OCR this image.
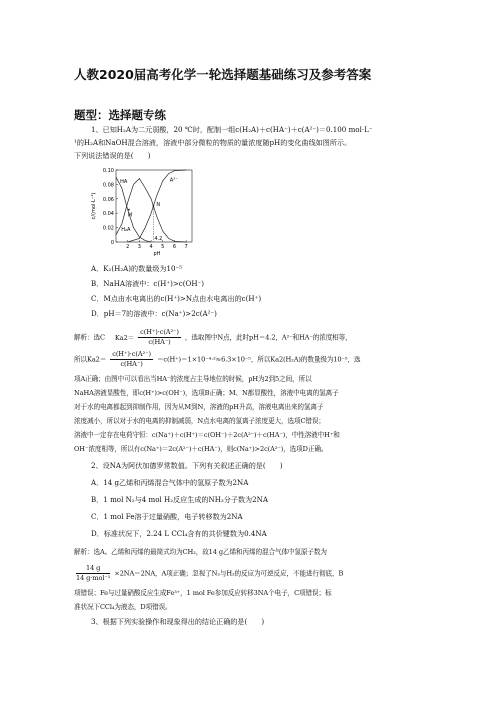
人教2020届高考化学一轮选择题基础练习及参考答案
题型：选择题专练
1、已知H₂A为二元弱酸，20 ℃时，配制一组c(H₂A)＋c(HA⁻)＋c(A²⁻)＝0.100 mol·L⁻
¹的H₂A和NaOH混合溶液，溶液中部分微粒的物质的量浓度随pH的变化曲线如图所示。
下列说法错误的是(　　)
0
0.02
0.04
0.06
0.08
0.10
2 3 4 5 6 7
pH
c/(mol·L⁻¹)
H₂A
HA	A²⁻
M
N
4.2
A．K₂(H₂A)的数量级为10⁻⁵
B．NaHA溶液中：c(H⁺)>c(OH⁻)
C．M点由水电离出的c(H⁺)>N点由水电离出的c(H⁺)
D．pH＝7的溶液中：c(Na⁺)>2c(A²⁻)
解析：选C $Ka2= \frac{\text{c(H⁺)·c(A²⁻)}}{c(HA^-)}$ ，选取图中N点，此时pH＝4.2，A²⁻和HA⁻的浓度相等，
所以$Ka2= \frac{\text{c(H⁺)·c(A²⁻)}}{c(HA^-)} =c(H^+)=1\times 10^{-4}\cdot^2\approx 6.3\times 10^{-5}$，所以Ka2(H₂A)的数量级为10⁻⁵，选
项A正确；由图中可以看出当HA⁻的浓度占主导地位的时候，pH为2到5之间，所以
NaHA溶液显酸性，即c(H⁺)>c(OH⁻)，选项B正确；M、N都显酸性，溶液中电离的氢离子
对于水的电离都起到抑制作用，因为从M到N，溶液的pH升高，溶液电离出来的氢离子
浓度减小，所以对于水的电离的抑制减弱，N点水电离的氢离子浓度更大，选项C错误；
溶液中一定存在电荷守恒：c(Na⁺)＋c(H⁺)＝c(OH⁻)＋2c(A²⁻)＋c(HA⁻)，中性溶液中H⁺和
OH⁻浓度相等，所以有c(Na⁺)＝2c(A²⁻)＋c(HA⁻)，则c(Na⁺)>2c(A²⁻)，选项D正确。
2、设NA为阿伏加德罗常数值。下列有关叙述正确的是(　　)
A．14 g乙烯和丙烯混合气体中的氢原子数为2NA
B．1 mol N₂与4 mol H₂反应生成的NH₃分子数为2NA
C．1 mol Fe溶于过量硝酸，电子转移数为2NA
D．标准状况下，2.24 L CCl₄含有的共价键数为0.4NA
解析：选A。乙烯和丙烯的最简式均为CH₂，故14 g乙烯和丙烯的混合气体中氢原子数为
$\frac{14 g}{\text{14 g·mol⁻¹}} \times 2NA=2NA$，A项正确；忽视了N₂与H₂的反应为可逆反应，不能进行彻底，B
项错误；Fe与过量硝酸反应生成Fe³⁺，1 mol Fe参加反应转移3NA个电子，C项错误；标
准状况下CCl₄为液态，D项错误。
3、根据下列实验操作和现象得出的结论正确的是(　　)
